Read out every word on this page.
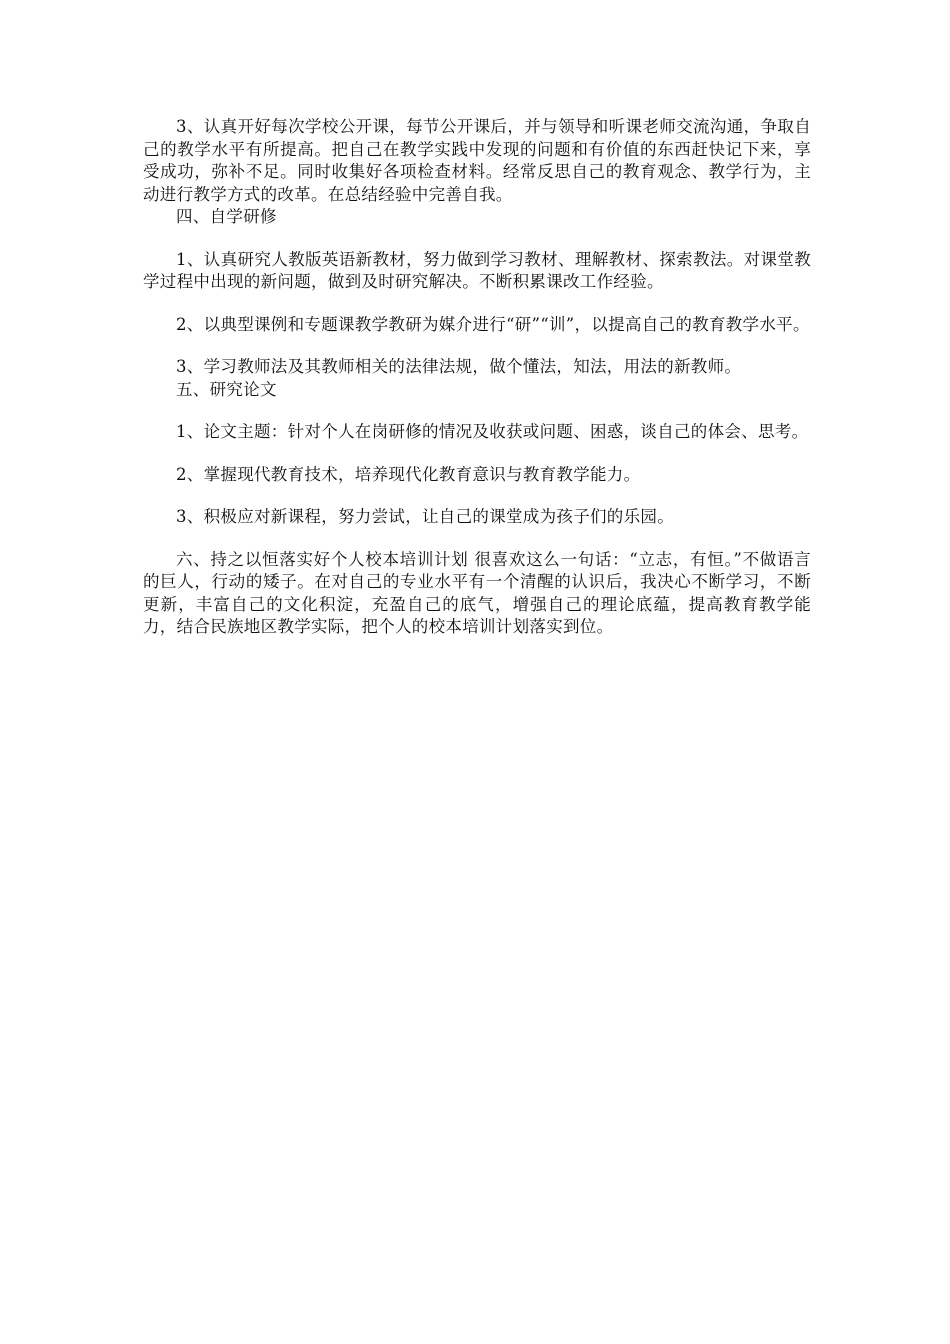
3、认真开好每次学校公开课，每节公开课后，并与领导和听课老师交流沟通，争取自己的教学水平有所提高。把自己在教学实践中发现的问题和有价值的东西赶快记下来，享受成功，弥补不足。同时收集好各项检查材料。经常反思自己的教育观念、教学行为，主动进行教学方式的改革。在总结经验中完善自我。

四、自学研修

1、认真研究人教版英语新教材，努力做到学习教材、理解教材、探索教法。对课堂教学过程中出现的新问题，做到及时研究解决。不断积累课改工作经验。

2、以典型课例和专题课教学教研为媒介进行“研”“训”，以提高自己的教育教学水平。

3、学习教师法及其教师相关的法律法规，做个懂法，知法，用法的新教师。

五、研究论文

1、论文主题：针对个人在岗研修的情况及收获或问题、困惑，谈自己的体会、思考。

2、掌握现代教育技术，培养现代化教育意识与教育教学能力。

3、积极应对新课程，努力尝试，让自己的课堂成为孩子们的乐园。

六、持之以恒落实好个人校本培训计划 很喜欢这么一句话：“立志，有恒。”不做语言的巨人，行动的矮子。在对自己的专业水平有一个清醒的认识后，我决心不断学习，不断更新，丰富自己的文化积淀，充盈自己的底气，增强自己的理论底蕴，提高教育教学能力，结合民族地区教学实际，把个人的校本培训计划落实到位。
